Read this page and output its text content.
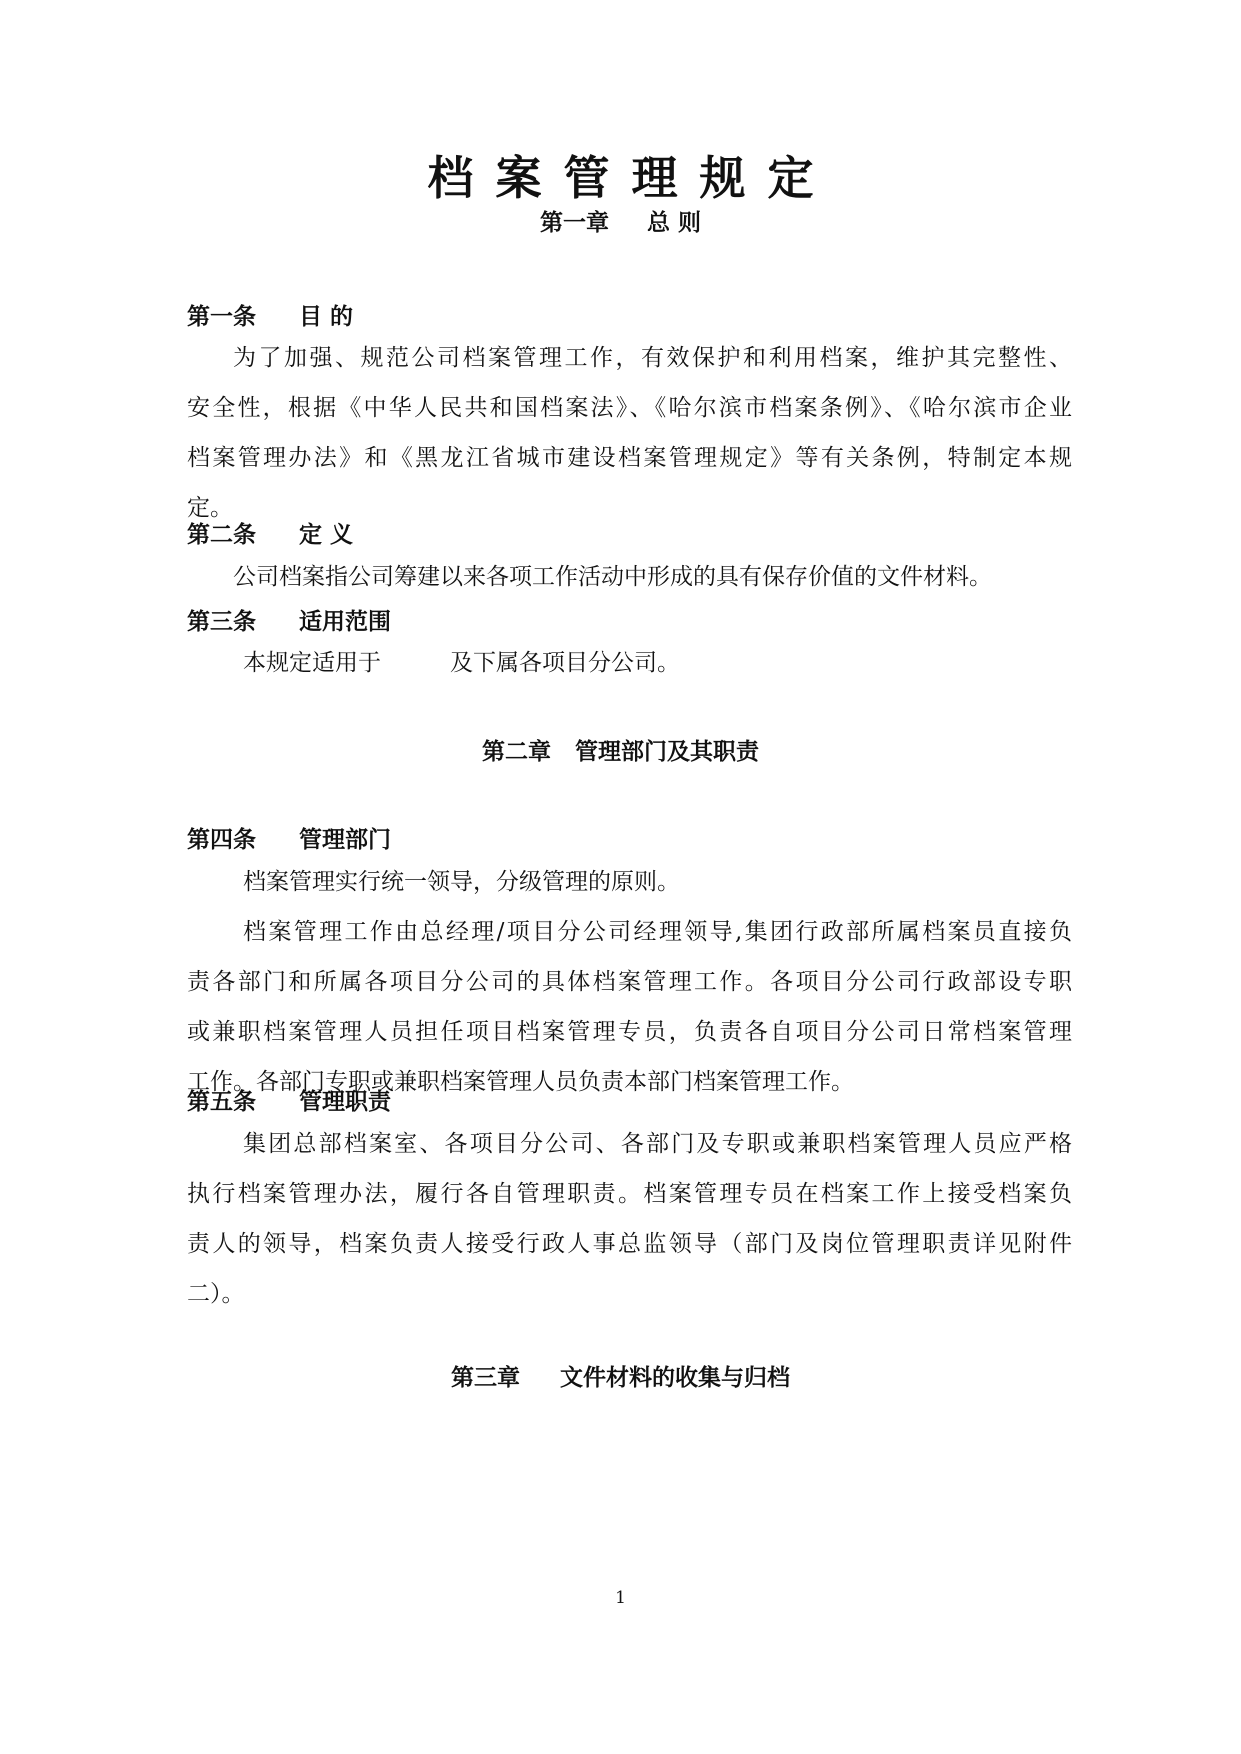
档案管理规定
第一章 总 则
第一条 目 的
为了加强、规范公司档案管理工作，有效保护和利用档案，维护其完整性、
安全性，根据《中华人民共和国档案法》、《哈尔滨市档案条例》、《哈尔滨市企业
档案管理办法》和《黑龙江省城市建设档案管理规定》等有关条例，特制定本规
定。
第二条 定 义
公司档案指公司筹建以来各项工作活动中形成的具有保存价值的文件材料。
第三条 适用范围
本规定适用于　　　及下属各项目分公司。
第二章 管理部门及其职责
第四条 管理部门
档案管理实行统一领导，分级管理的原则。
档案管理工作由总经理/项目分公司经理领导,集团行政部所属档案员直接负
责各部门和所属各项目分公司的具体档案管理工作。各项目分公司行政部设专职
或兼职档案管理人员担任项目档案管理专员，负责各自项目分公司日常档案管理
工作。各部门专职或兼职档案管理人员负责本部门档案管理工作。
第五条 管理职责
集团总部档案室、各项目分公司、各部门及专职或兼职档案管理人员应严格
执行档案管理办法，履行各自管理职责。档案管理专员在档案工作上接受档案负
责人的领导，档案负责人接受行政人事总监领导（部门及岗位管理职责详见附件
二）。
第三章 文件材料的收集与归档
1
